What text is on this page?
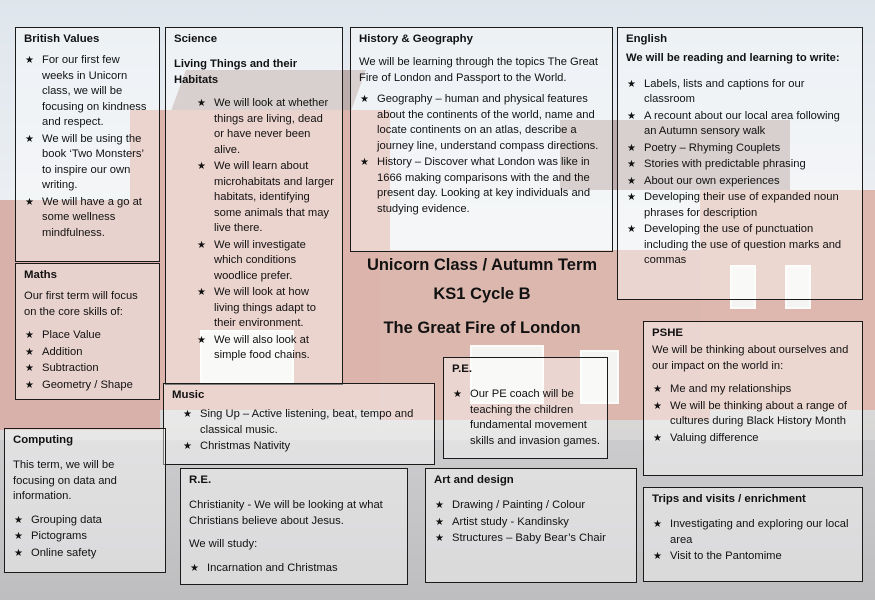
British Values
★ For our first few weeks in Unicorn class, we will be focusing on kindness and respect.
★ We will be using the book ‘Two Monsters’ to inspire our own writing.
★ We will have a go at some wellness mindfulness.
Science
Living Things and their Habitats
★ We will look at whether things are living, dead or have never been alive.
★ We will learn about microhabitats and larger habitats, identifying some animals that may live there.
★ We will investigate which conditions woodlice prefer.
★ We will look at how living things adapt to their environment.
★ We will also look at simple food chains.
History & Geography

We will be learning through the topics The Great Fire of London and Passport to the World.

★ Geography – human and physical features about the continents of the world, name and locate continents on an atlas, describe a journey line, understand compass directions.
★ History – Discover what London was like in 1666 making comparisons with the and the present day. Looking at key individuals and studying evidence.
English
We will be reading and learning to write:
★ Labels, lists and captions for our classroom
★ A recount about our local area following an Autumn sensory walk
★ Poetry – Rhyming Couplets
★ Stories with predictable phrasing
★ About our own experiences
★ Developing their use of expanded noun phrases for description
★ Developing the use of punctuation including the use of question marks and commas
Unicorn Class / Autumn Term
KS1 Cycle B
The Great Fire of London
Maths

Our first term will focus on the core skills of:

★ Place Value
★ Addition
★ Subtraction
★ Geometry / Shape
Music
★ Sing Up – Active listening, beat, tempo and classical music.
★ Christmas Nativity
Computing

This term, we will be focusing on data and information.

★ Grouping data
★ Pictograms
★ Online safety
R.E.

Christianity - We will be looking at what Christians believe about Jesus.

We will study:

★ Incarnation and Christmas
P.E.
★ Our PE coach will be teaching the children fundamental movement skills and invasion games.
Art and design
★ Drawing / Painting / Colour
★ Artist study - Kandinsky
★ Structures – Baby Bear’s Chair
PSHE

We will be thinking about ourselves and our impact on the world in:

★ Me and my relationships
★ We will be thinking about a range of cultures during Black History Month
★ Valuing difference
Trips and visits / enrichment
★ Investigating and exploring our local area
★ Visit to the Pantomime
